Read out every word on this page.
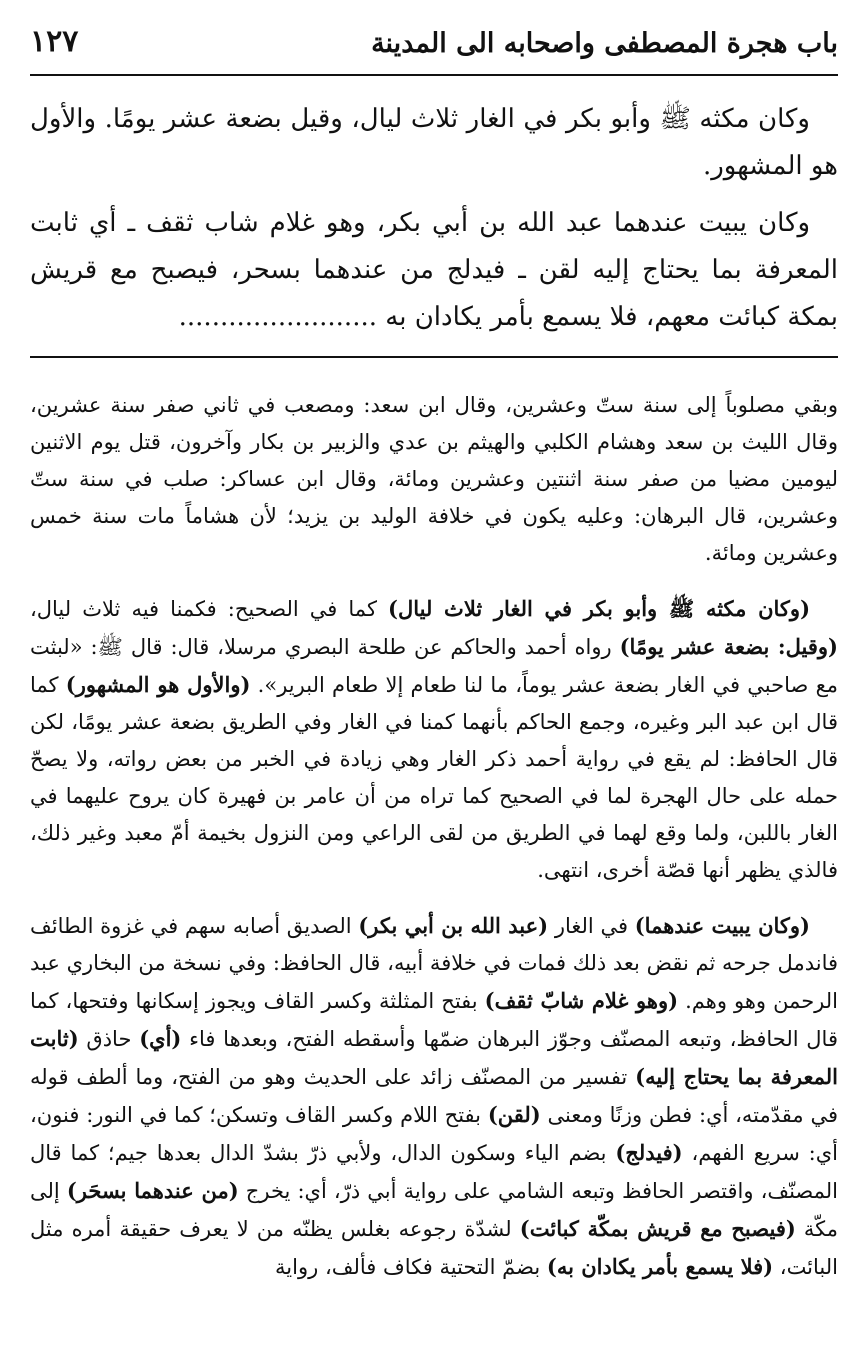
باب هجرة المصطفى واصحابه الى المدينة
١٢٧

وكان مكثه ﷺ وأبو بكر في الغار ثلاث ليال، وقيل بضعة عشر يومًا. والأول هو المشهور.

وكان يبيت عندهما عبد الله بن أبي بكر، وهو غلام شاب ثقف ـ أي ثابت المعرفة بما يحتاج إليه لقن ـ فيدلج من عندهما بسحر، فيصبح مع قريش بمكة كبائت معهم، فلا يسمع بأمر يكادان به ........................

وبقي مصلوباً إلى سنة ستّ وعشرين، وقال ابن سعد: ومصعب في ثاني صفر سنة عشرين، وقال الليث بن سعد وهشام الكلبي والهيثم بن عدي والزبير بن بكار وآخرون، قتل يوم الاثنين ليومين مضيا من صفر سنة اثنتين وعشرين ومائة، وقال ابن عساكر: صلب في سنة ستّ وعشرين، قال البرهان: وعليه يكون في خلافة الوليد بن يزيد؛ لأن هشاماً مات سنة خمس وعشرين ومائة.

(وكان مكثه ﷺ وأبو بكر في الغار ثلاث ليال) كما في الصحيح: فكمنا فيه ثلاث ليال، (وقيل: بضعة عشر يومًا) رواه أحمد والحاكم عن طلحة البصري مرسلا، قال: قال ﷺ: «لبثت مع صاحبي في الغار بضعة عشر يوماً، ما لنا طعام إلا طعام البرير». (والأول هو المشهور) كما قال ابن عبد البر وغيره، وجمع الحاكم بأنهما كمنا في الغار وفي الطريق بضعة عشر يومًا، لكن قال الحافظ: لم يقع في رواية أحمد ذكر الغار وهي زيادة في الخبر من بعض رواته، ولا يصحّ حمله على حال الهجرة لما في الصحيح كما تراه من أن عامر بن فهيرة كان يروح عليهما في الغار باللبن، ولما وقع لهما في الطريق من لقى الراعي ومن النزول بخيمة أمّ معبد وغير ذلك، فالذي يظهر أنها قصّة أخرى، انتهى.

(وكان يبيت عندهما) في الغار (عبد الله بن أبي بكر) الصديق أصابه سهم في غزوة الطائف فاندمل جرحه ثم نقض بعد ذلك فمات في خلافة أبيه، قال الحافظ: وفي نسخة من البخاري عبد الرحمن وهو وهم. (وهو غلام شابّ ثقف) بفتح المثلثة وكسر القاف ويجوز إسكانها وفتحها، كما قال الحافظ، وتبعه المصنّف وجوّز البرهان ضمّها وأسقطه الفتح، وبعدها فاء (أي) حاذق (ثابت المعرفة بما يحتاج إليه) تفسير من المصنّف زائد على الحديث وهو من الفتح، وما ألطف قوله في مقدّمته، أي: فطن وزنًا ومعنى (لقن) بفتح اللام وكسر القاف وتسكن؛ كما في النور: فنون، أي: سريع الفهم، (فيدلج) بضم الياء وسكون الدال، ولأبي ذرّ بشدّ الدال بعدها جيم؛ كما قال المصنّف، واقتصر الحافظ وتبعه الشامي على رواية أبي ذرّ، أي: يخرج (من عندهما بسحَر) إلى مكّة (فيصبح مع قريش بمكّة كبائت) لشدّة رجوعه بغلس يظنّه من لا يعرف حقيقة أمره مثل البائت، (فلا يسمع بأمر يكادان به) بضمّ التحتية فكاف فألف، رواية
